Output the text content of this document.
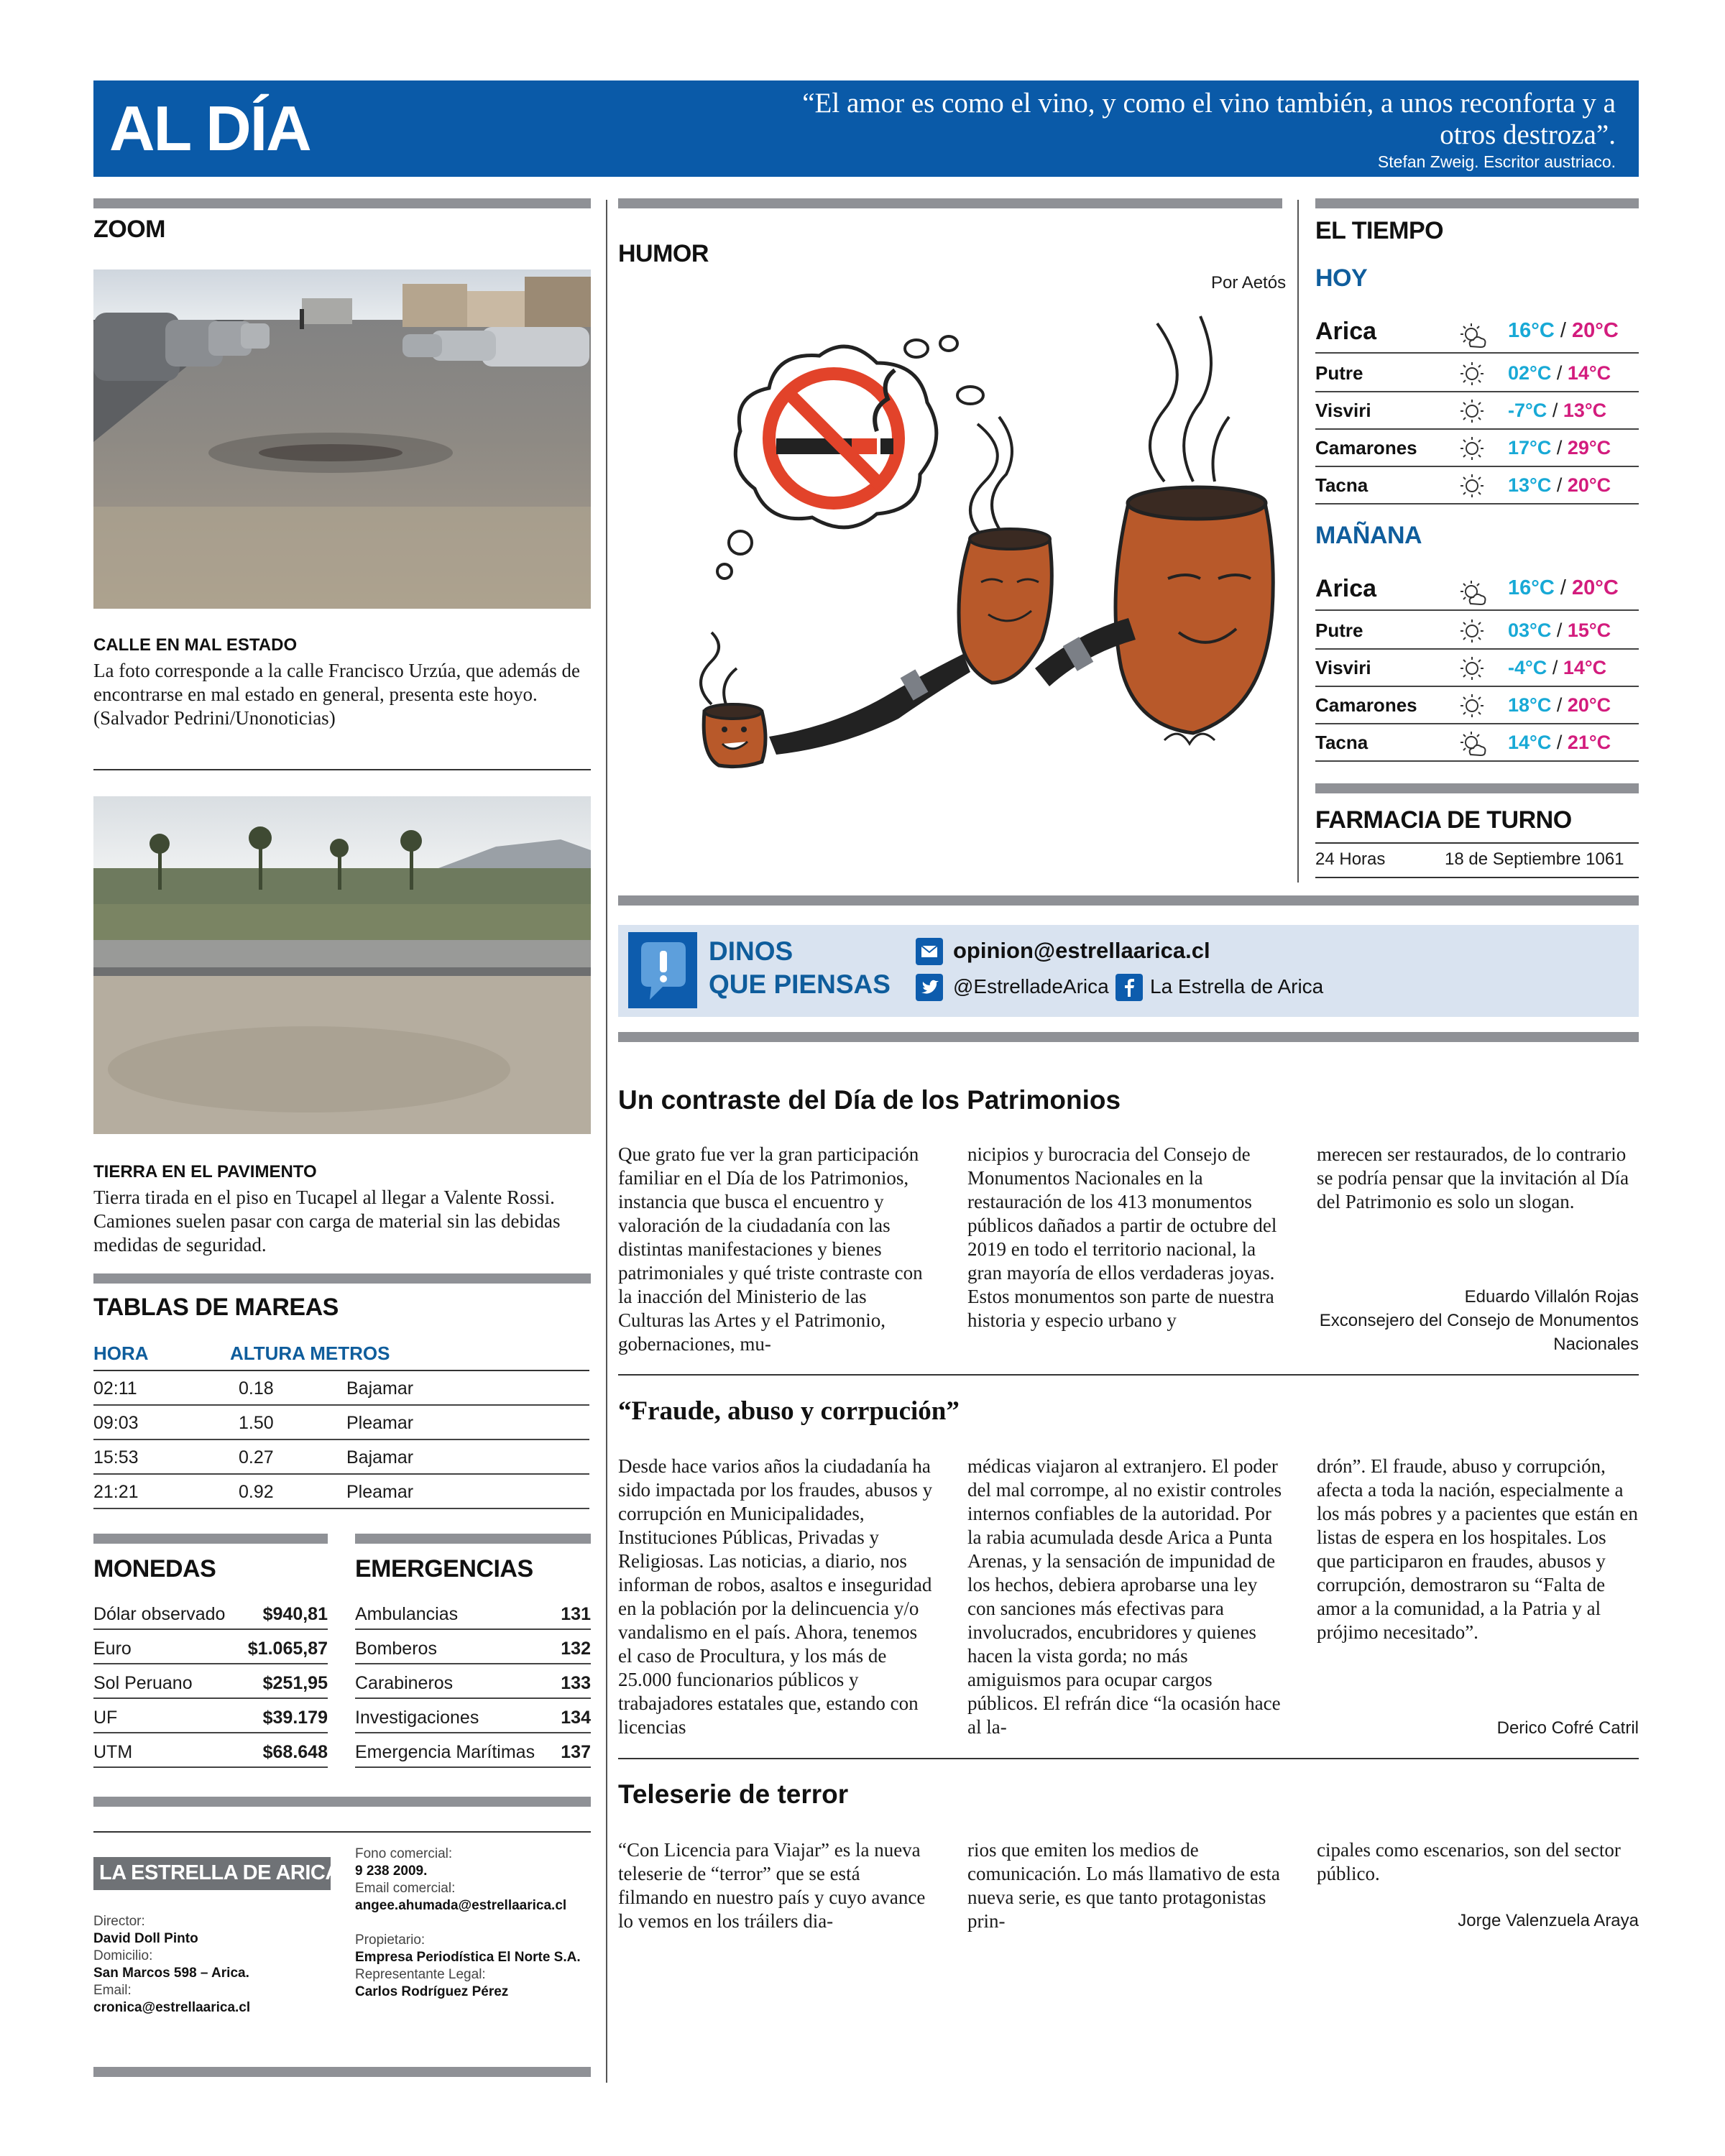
AL DÍA	“El amor es como el vino, y como el vino también, a unos reconforta y a otros destroza”.
Stefan Zweig. Escritor austriaco.
ZOOM
CALLE EN MAL ESTADO
La foto corresponde a la calle Francisco Urzúa, que además de encontrarse en mal estado en general, presenta este hoyo. (Salvador Pedrini/Unonoticias)
TIERRA EN EL PAVIMENTO
Tierra tirada en el piso en Tucapel al llegar a Valente Rossi. Camiones suelen pasar con carga de material sin las debidas medidas de seguridad.
TABLAS DE MAREAS
HORA	ALTURA METROS
02:11	0.18	Bajamar
09:03	1.50	Pleamar
15:53	0.27	Bajamar
21:21	0.92	Pleamar
MONEDAS
Dólar observado $940,81
Euro	$1.065,87
Sol Peruano	$251,95
UF	$39.179
UTM	$68.648
EMERGENCIAS
Ambulancias	131
Bomberos	132
Carabineros	133
Investigaciones	134
Emergencia Marítimas 137
LA ESTRELLA DE ARICA
Director:
David Doll Pinto
Domicilio:
San Marcos 598 – Arica.
Email:
cronica@estrellaarica.cl
Fono comercial:
9 238 2009.
Email comercial:
angee.ahumada@estrellaarica.cl
Propietario:
Empresa Periodística El Norte S.A.
Representante Legal:
Carlos Rodríguez Pérez
HUMOR
Por Aetós
EL TIEMPO
HOY
Arica	16°C / 20°C
Putre	02°C / 14°C
Visviri	-7°C / 13°C
Camarones	17°C / 29°C
Tacna	13°C / 20°C
MAÑANA
Arica	16°C / 20°C
Putre	03°C / 15°C
Visviri	-4°C / 14°C
Camarones	18°C / 20°C
Tacna	14°C / 21°C
FARMACIA DE TURNO
24 Horas	18 de Septiembre 1061
DINOS
QUE PIENSAS
opinion@estrellaarica.cl
@EstrelladeArica La Estrella de Arica
Un contraste del Día de los Patrimonios
Que grato fue ver la gran participación familiar en el Día de los Patrimonios, instancia que busca el encuentro y valoración de la ciudadanía con las distintas manifestaciones y bienes patrimoniales y qué triste contraste con la inacción del Ministerio de las Culturas las Artes y el Patrimonio, gobernaciones, mu-
nicipios y burocracia del Consejo de Monumentos Nacionales en la restauración de los 413 monumentos públicos dañados a partir de octubre del 2019 en todo el territorio nacional, la gran mayoría de ellos verdaderas joyas. Estos monumentos son parte de nuestra historia y especio urbano y
merecen ser restaurados, de lo contrario se podría pensar que la invitación al Día del Patrimonio es solo un slogan.
Eduardo Villalón Rojas
Exconsejero del Consejo de Monumentos Nacionales
“Fraude, abuso y corrpución”
Desde hace varios años la ciudadanía ha sido impactada por los fraudes, abusos y corrupción en Municipalidades, Instituciones Públicas, Privadas y Religiosas. Las noticias, a diario, nos informan de robos, asaltos e inseguridad en la población por la delincuencia y/o vandalismo en el país. Ahora, tenemos el caso de Procultura, y los más de 25.000 funcionarios públicos y trabajadores estatales que, estando con licencias
médicas viajaron al extranjero. El poder del mal corrompe, al no existir controles internos confiables de la autoridad. Por la rabia acumulada desde Arica a Punta Arenas, y la sensación de impunidad de los hechos, debiera aprobarse una ley con sanciones más efectivas para involucrados, encubridores y quienes hacen la vista gorda; no más amiguismos para ocupar cargos públicos. El refrán dice “la ocasión hace al la-
drón”. El fraude, abuso y corrupción, afecta a toda la nación, especialmente a los más pobres y a pacientes que están en listas de espera en los hospitales. Los que participaron en fraudes, abusos y corrupción, demostraron su “Falta de amor a la comunidad, a la Patria y al prójimo necesitado”.
Derico Cofré Catril
Teleserie de terror
“Con Licencia para Viajar” es la nueva teleserie de “terror” que se está filmando en nuestro país y cuyo avance lo vemos en los tráilers dia-
rios que emiten los medios de comunicación. Lo más llamativo de esta nueva serie, es que tanto protagonistas prin-
cipales como escenarios, son del sector público.
Jorge Valenzuela Araya
